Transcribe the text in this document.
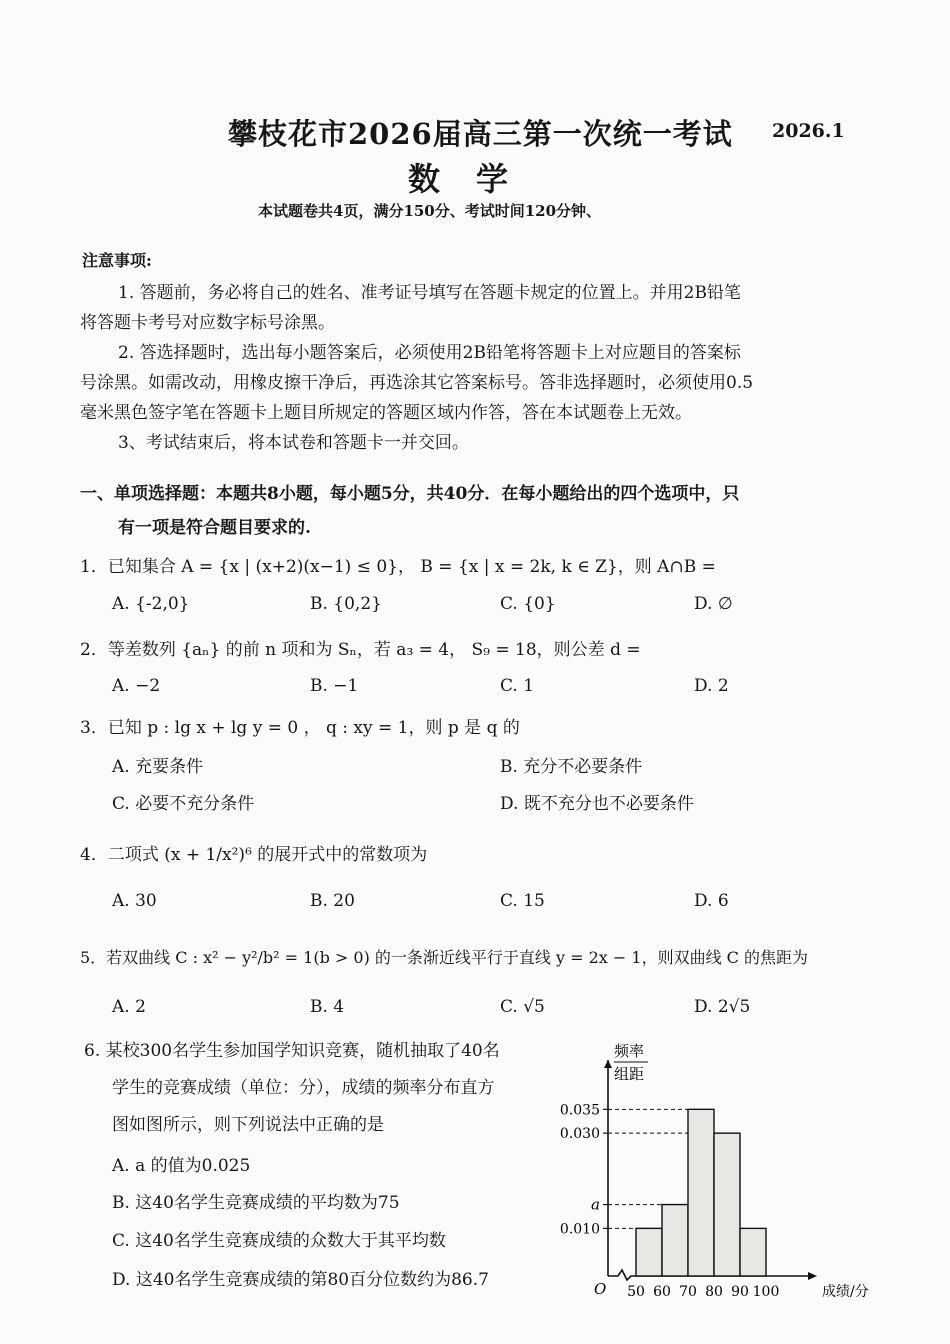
攀枝花市2026届高三第一次统一考试 2026.1
数学
本试题卷共4页，满分150分、考试时间120分钟、
注意事项:
1. 答题前，务必将自己的姓名、准考证号填写在答题卡规定的位置上。并用2B铅笔
将答题卡考号对应数字标号涂黑。
2. 答选择题时，选出每小题答案后，必须使用2B铅笔将答题卡上对应题目的答案标
号涂黑。如需改动，用橡皮擦干净后，再选涂其它答案标号。答非选择题时，必须使用0.5
毫米黑色签字笔在答题卡上题目所规定的答题区域内作答，答在本试题卷上无效。
3、考试结束后，将本试卷和答题卡一并交回。
一、单项选择题：本题共8小题，每小题5分，共40分．在每小题给出的四个选项中，只
有一项是符合题目要求的.
1．已知集合 A = {x | (x+2)(x−1) ≤ 0}， B = {x | x = 2k, k ∈ Z}，则 A∩B =
A. {-2,0}	B. {0,2}	C. {0}	D. ∅
2．等差数列 {aₙ} 的前 n 项和为 Sₙ，若 a₃ = 4， S₉ = 18，则公差 d =
A. −2	B. −1	C. 1	D. 2
3．已知 p : lg x + lg y = 0 ， q : xy = 1，则 p 是 q 的
A. 充要条件	B. 充分不必要条件
C. 必要不充分条件	D. 既不充分也不必要条件
4．二项式 (x + 1/x²)⁶ 的展开式中的常数项为
A. 30	B. 20	C. 15	D. 6
5．若双曲线 C : x² − y²/b² = 1(b > 0) 的一条渐近线平行于直线 y = 2x − 1，则双曲线 C 的焦距为
A. 2	B. 4	C. √5	D. 2√5
6. 某校300名学生参加国学知识竞赛，随机抽取了40名
学生的竞赛成绩（单位：分），成绩的频率分布直方
图如图所示，则下列说法中正确的是
A. a 的值为0.025
B. 这40名学生竞赛成绩的平均数为75
C. 这40名学生竞赛成绩的众数大于其平均数
D. 这40名学生竞赛成绩的第80百分位数约为86.7
0.035
0.030
a
0.010
50 60 70 80 90 100
O	成绩/分
频率
组距
